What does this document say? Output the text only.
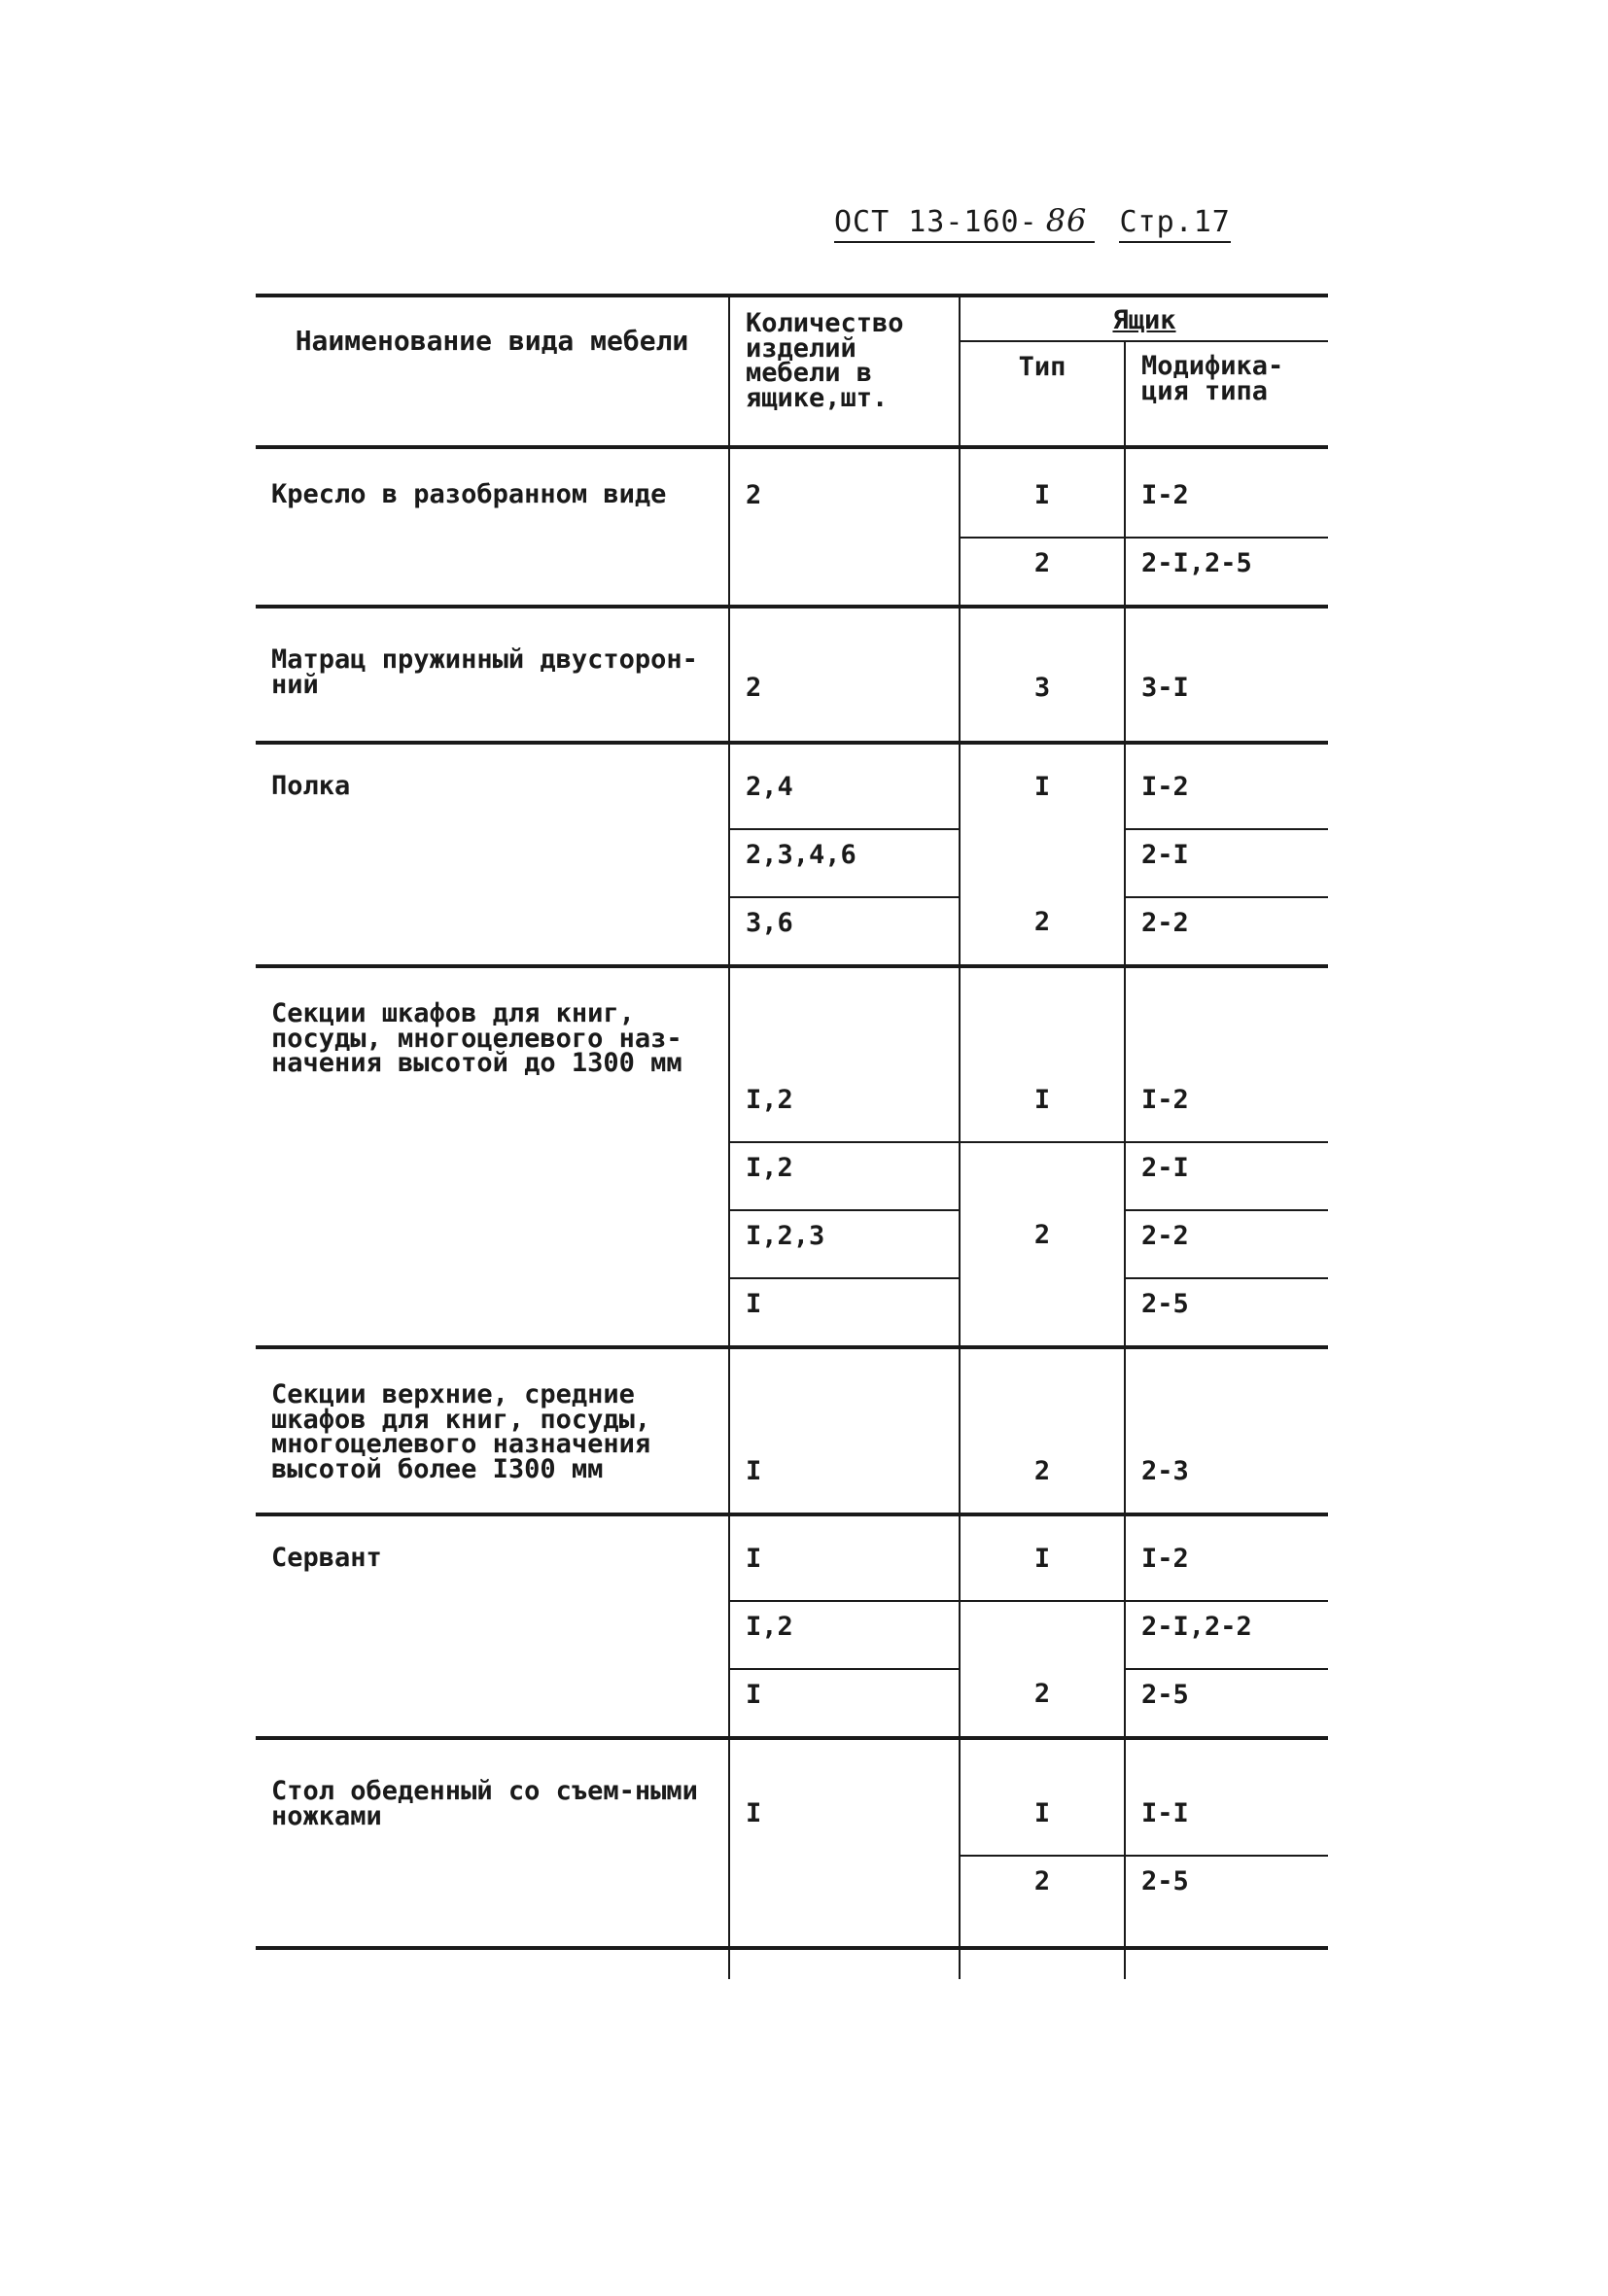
ОСТ 13-160- 86 Стр.17
Наименование вида мебели	Количество изделий мебели в ящике,шт.	Ящик	
		Тип	Модифика-ция типа

Кресло в разобранном виде	2	I	I-2
		2	2-I,2-5
Матрац пружинный двусторон-ний	2	3	3-I
Полка	2,4	I	I-2
	2,3,4,6		2-I
	3,6	2	2-2
Секции шкафов для книг, посуды, многоцелевого наз-начения высотой до 1300 мм	I,2	I	I-2
	I,2		2-I
	I,2,3	2	2-2
	I		2-5
Секции верхние, средние шкафов для книг, посуды, многоцелевого назначения высотой более I300 мм	I	2	2-3
Сервант	I	I	I-2
	I,2		2-I,2-2
	I	2	2-5
Стол обеденный со съем-ными ножками	I	I	I-I
		2	2-5
